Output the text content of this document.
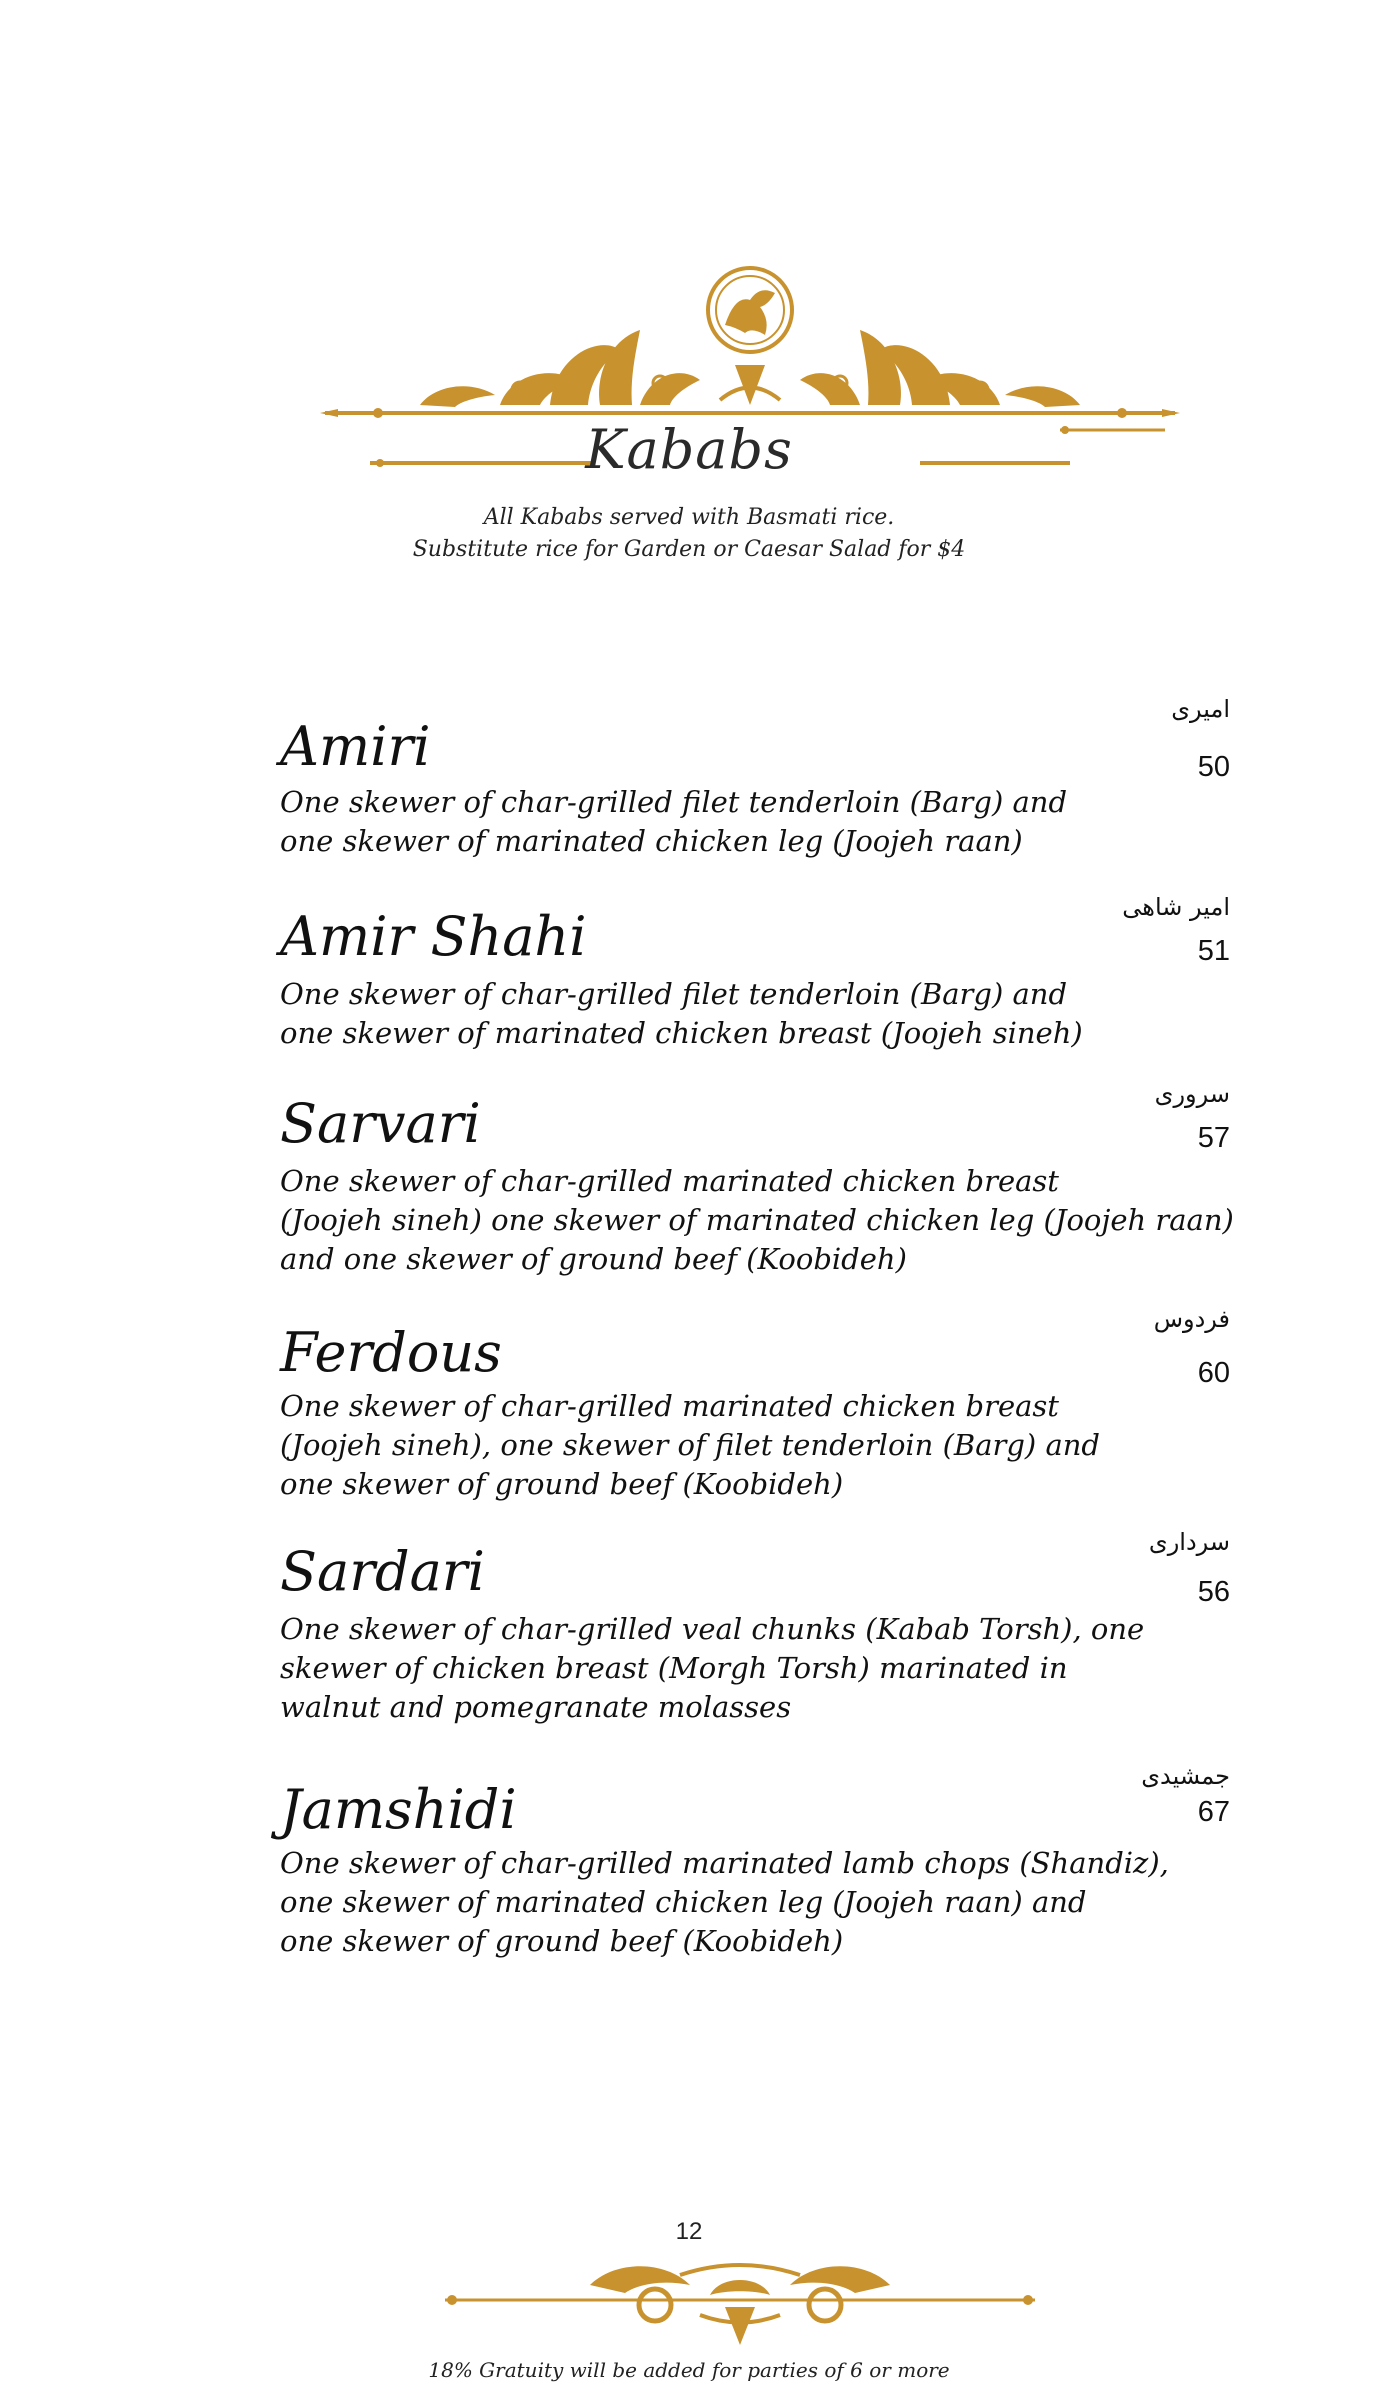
Kababs
All Kababs served with Basmati rice.
Substitute rice for Garden or Caesar Salad for $4
امیری
Amiri	50
One skewer of char-grilled filet tenderloin (Barg) and
one skewer of marinated chicken leg (Joojeh raan)
امیر شاهی
Amir Shahi	51
One skewer of char-grilled filet tenderloin (Barg) and
one skewer of marinated chicken breast (Joojeh sineh)
سروری
Sarvari	57
One skewer of char-grilled marinated chicken breast
(Joojeh sineh) one skewer of marinated chicken leg (Joojeh raan)
and one skewer of ground beef (Koobideh)
فردوس
Ferdous	60
One skewer of char-grilled marinated chicken breast
(Joojeh sineh), one skewer of filet tenderloin (Barg) and
one skewer of ground beef (Koobideh)
سرداری
Sardari	56
One skewer of char-grilled veal chunks (Kabab Torsh), one
skewer of chicken breast (Morgh Torsh) marinated in
walnut and pomegranate molasses
جمشیدی
Jamshidi	67
One skewer of char-grilled marinated lamb chops (Shandiz),
one skewer of marinated chicken leg (Joojeh raan) and
one skewer of ground beef (Koobideh)
12
18% Gratuity will be added for parties of 6 or more
